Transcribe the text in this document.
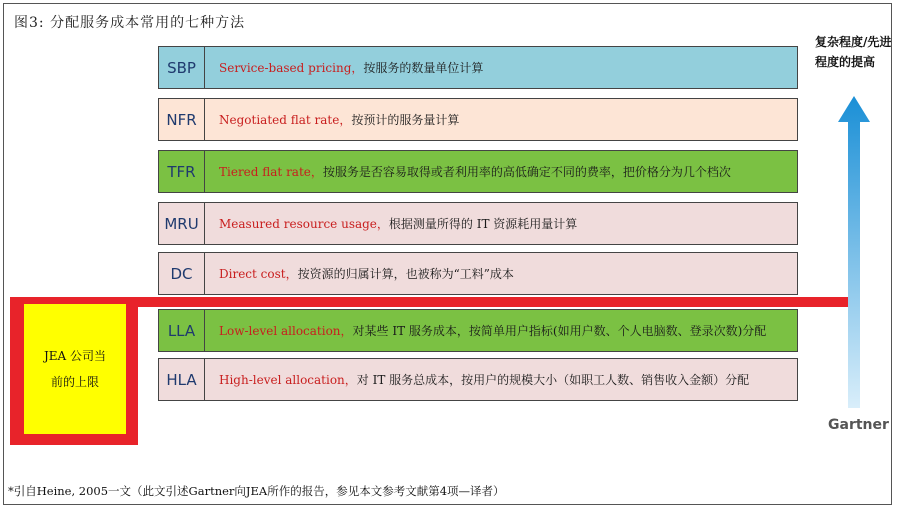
图3: 分配服务成本常用的七种方法
JEA 公司当
前的上限
SBP	Service-based pricing，按服务的数量单位计算
NFR	Negotiated flat rate，按预计的服务量计算
TFR	Tiered flat rate，按服务是否容易取得或者利用率的高低确定不同的费率，把价格分为几个档次
MRU	Measured resource usage，根据测量所得的 IT 资源耗用量计算
DC	Direct cost，按资源的归属计算，也被称为“工料”成本
LLA	Low-level allocation，对某些 IT 服务成本，按简单用户指标(如用户数、个人电脑数、登录次数)分配
HLA	High-level allocation，对 IT 服务总成本，按用户的规模大小（如职工人数、销售收入金额）分配
复杂程度/先进程度的提高
Gartner
*引自Heine, 2005一文（此文引述Gartner向JEA所作的报告，参见本文参考文献第4项—译者）
